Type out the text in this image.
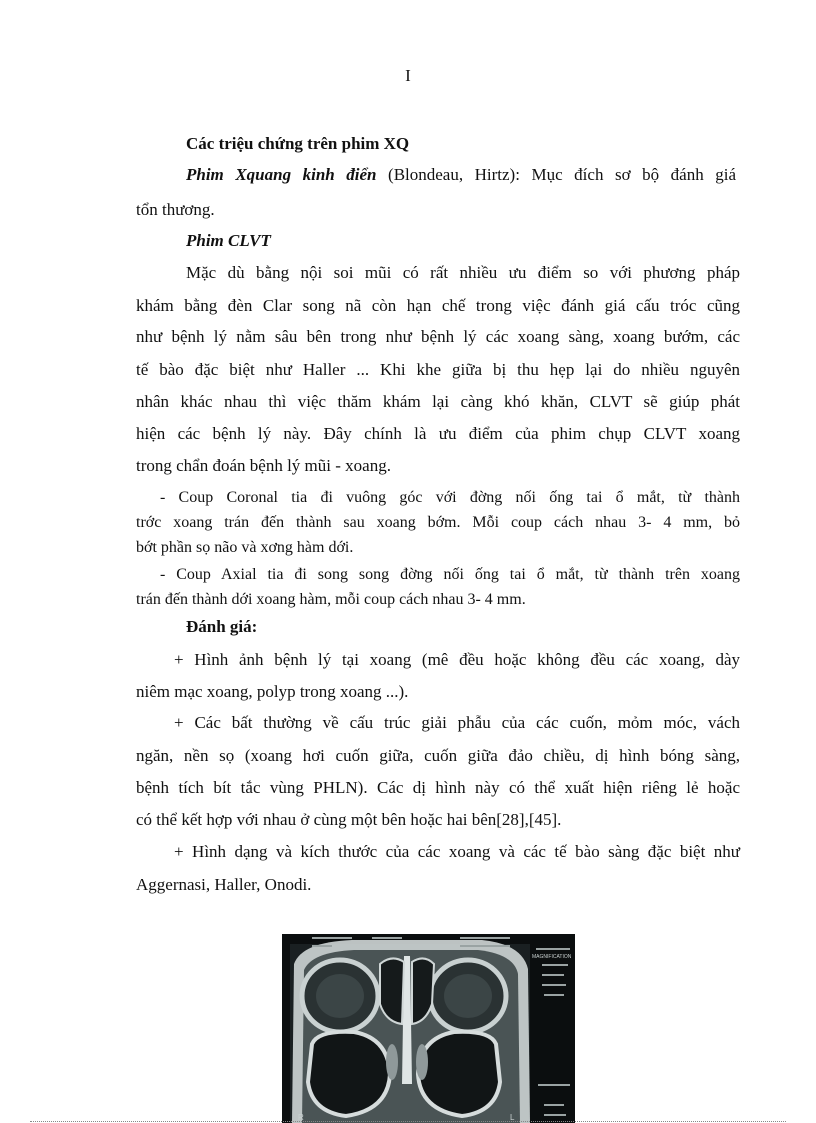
I
Các triệu chứng trên phim XQ
Phim Xquang kinh điển (Blondeau, Hirtz): Mục đích sơ bộ đánh giá
tổn thương.
Phim CLVT
Mặc dù bằng nội soi mũi có rất nhiều ưu điểm so với phương pháp
khám bằng đèn Clar song nã còn hạn chế trong việc đánh giá cấu tróc cũng
như bệnh lý nằm sâu bên trong như bệnh lý các xoang sàng, xoang bướm, các
tế bào đặc biệt như Haller ... Khi khe giữa bị thu hẹp lại do nhiều nguyên
nhân khác nhau thì việc thăm khám lại càng khó khăn, CLVT sẽ giúp phát
hiện các bệnh lý này. Đây chính là ưu điểm của phim chụp CLVT xoang
trong chẩn đoán bệnh lý mũi - xoang.
- Coup Coronal tia đi vuông góc với đờng nối ống tai ổ mắt, từ thành
trớc xoang trán đến thành sau xoang bớm. Mỗi coup cách nhau 3- 4 mm, bỏ
bớt phần sọ não và xơng hàm dới.
- Coup Axial tia đi song song đờng nối ống tai ổ mắt, từ thành trên xoang
trán đến thành dới xoang hàm, mỗi coup cách nhau 3- 4 mm.
Đánh giá:
+ Hình ảnh bệnh lý tại xoang (mê đều hoặc không đều các xoang, dày
niêm mạc xoang, polyp trong xoang ...).
+ Các bất thường về cấu trúc giải phẫu của các cuốn, mỏm móc, vách
ngăn, nền sọ (xoang hơi cuốn giữa, cuốn giữa đảo chiều, dị hình bóng sàng,
bệnh tích bít tắc vùng PHLN). Các dị hình này có thể xuất hiện riêng lẻ hoặc
có thể kết hợp với nhau ở cùng một bên hoặc hai bên[28],[45].
+ Hình dạng và kích thước của các xoang và các tế bào sàng đặc biệt như
Aggernasi, Haller, Onodi.
R	L
MAGNIFICATION
